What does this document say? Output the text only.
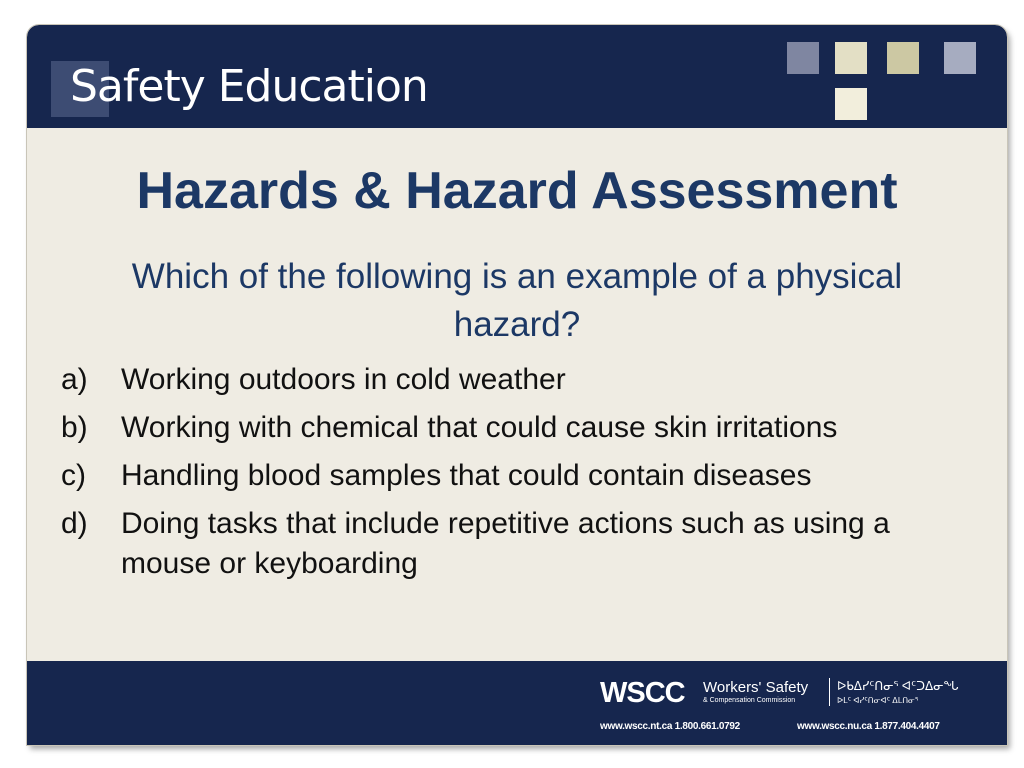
Safety Education
Hazards & Hazard Assessment

Which of the following is an example of a physical hazard?

a) Working outdoors in cold weather
b) Working with chemical that could cause skin irritations
c) Handling blood samples that could contain diseases
d) Doing tasks that include repetitive actions such as using a mouse or keyboarding
WSCC Workers' Safety
& Compensation Commission
ᐅᑲᐃᓯᑦᑎᓂᕐ ᐊᑦᑐᐃᓂᖓ
ᐅᒪᑦ ᐊᓯᑦᑎᓂᐊᑦ ᐃᒪᑎᓂᕐ
www.wscc.nt.ca 1.800.661.0792	www.wscc.nu.ca 1.877.404.4407
